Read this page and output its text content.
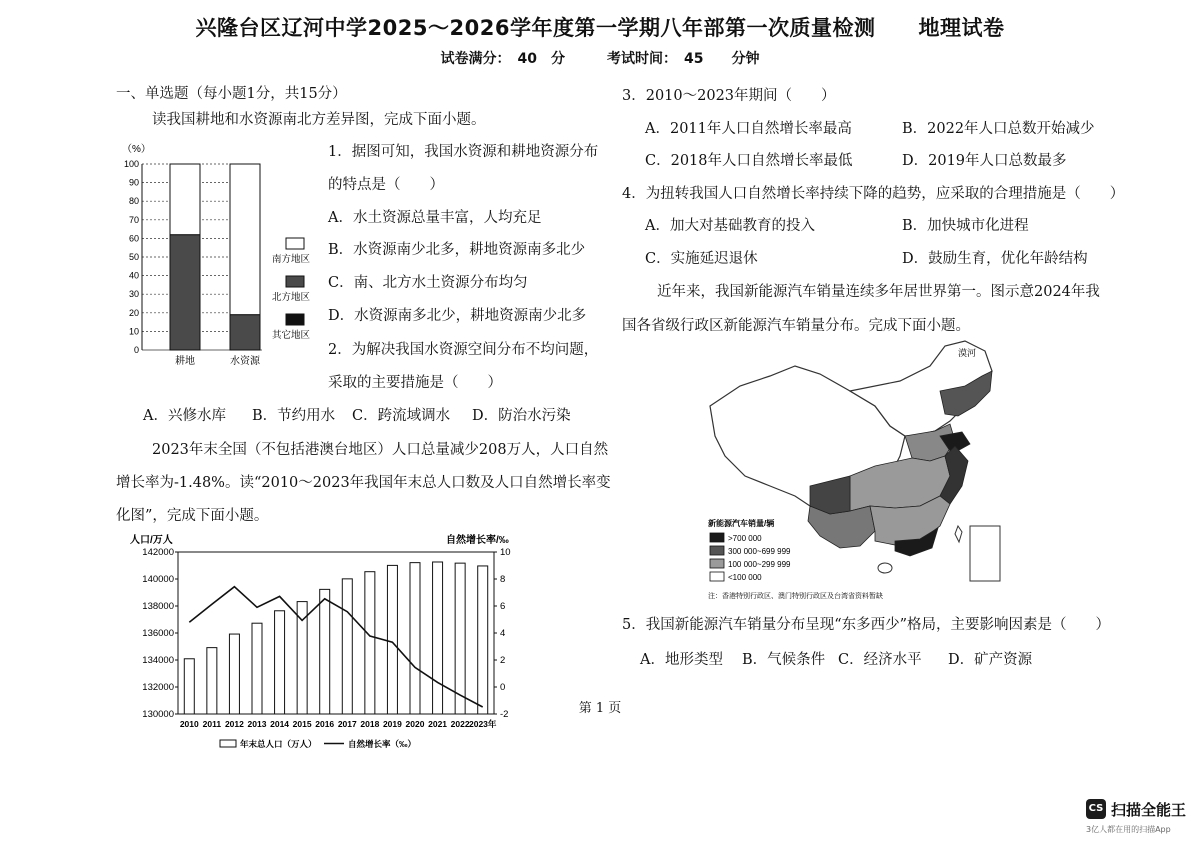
兴隆台区辽河中学2025～2026学年度第一学期八年部第一次质量检测　　地理试卷
试卷满分：　40　分　　　考试时间：　45　　分钟
一、单选题（每小题1分，共15分）
读我国耕地和水资源南北方差异图，完成下面小题。
（%）
100
90
80
70
60
50
40
30
20
10
0
耕地	水资源
南方地区
北方地区
其它地区
1．据图可知，我国水资源和耕地资源分布
的特点是（　　）
A．水土资源总量丰富，人均充足
B．水资源南少北多，耕地资源南多北少
C．南、北方水土资源分布均匀
D．水资源南多北少，耕地资源南少北多
2．为解决我国水资源空间分布不均问题，
采取的主要措施是（　　）
A．兴修水库 B．节约用水 C．跨流域调水 D．防治水污染
2023年末全国（不包括港澳台地区）人口总量减少208万人，人口自然
增长率为-1.48%。读“2010～2023年我国年末总人口数及人口自然增长率变
化图”，完成下面小题。
人口/万人	自然增长率/‰
142000
140000
138000
136000
134000
132000
130000
10
8
6
4
2
0
-2
2010 2011 2012 2013 2014 2015 2016 2017 2018 2019 2020 2021 2022 2023年
年末总人口（万人）	自然增长率（‰）
3．2010～2023年期间（　　）
A．2011年人口自然增长率最高	B．2022年人口总数开始减少
C．2018年人口自然增长率最低	D．2019年人口总数最多
4．为扭转我国人口自然增长率持续下降的趋势，应采取的合理措施是（　　）
A．加大对基础教育的投入	B．加快城市化进程
C．实施延迟退休	D．鼓励生育，优化年龄结构
近年来，我国新能源汽车销量连续多年居世界第一。图示意2024年我
国各省级行政区新能源汽车销量分布。完成下面小题。
漠河
新能源汽车销量/辆
>700 000
300 000~699 999
100 000~299 999
<100 000
注：香港特别行政区、澳门特别行政区及台湾省资料暂缺
5．我国新能源汽车销量分布呈现“东多西少”格局，主要影响因素是（　　）
A．地形类型 B．气候条件 C．经济水平 D．矿产资源
第 1 页
CS 扫描全能王
3亿人都在用的扫描App
